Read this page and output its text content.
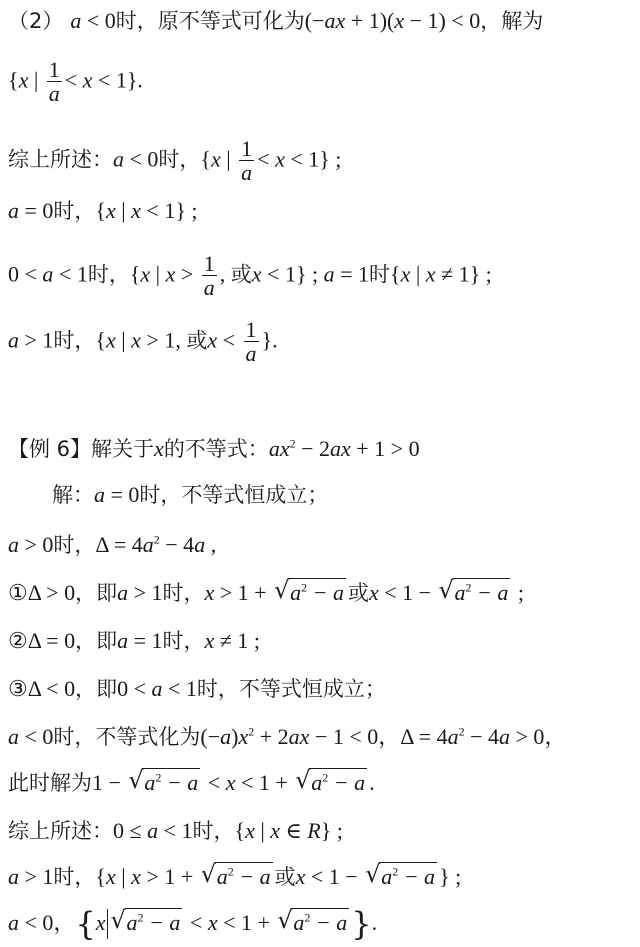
（2） a < 0时，原不等式可化为(−ax + 1)(x − 1) < 0，解为
{x | $\frac{1}{a} < x < 1$}.
综上所述：a < 0时，{x | $\frac{1}{a} < x < 1$} ;
a = 0时，{x | x < 1} ;
0 < a < 1时，{x | $x > \frac{1}{a}$ , 或x < 1} ; a = 1时{x | x ≠ 1} ;
a > 1时，{x | x > 1, 或$x < \frac{1}{a}$ }.
【例 6】解关于x的不等式：$ax^2 - 2ax + 1 > 0$
解：a = 0时，不等式恒成立；
a > 0时，$\Delta = 4a^2 - 4a$ ,
①Δ > 0，即a > 1时，x > 1 + √ $a^2 - a$ 或x < 1 − √ $a^2 - a$ ;
②Δ = 0，即a = 1时，x ≠ 1 ;
③Δ < 0，即0 < a < 1时，不等式恒成立；
a < 0时，不等式化为$(-a)x^2 + 2ax - 1 < 0$，$\Delta = 4a^2 - 4a > 0$，
此时解为1 − √ $a^2 - a < x < 1$ + √ $a^2 - a$ .
综上所述：0 ≤ a < 1时，{x | x ∈ R} ;
a > 1时，{x | x > 1 + √ $a^2 - a$ 或x < 1 − √ $a^2 - a$ } ;
a < 0，{x √ $a^2 - a < x < 1$ + √ $a^2 - a$ }.
